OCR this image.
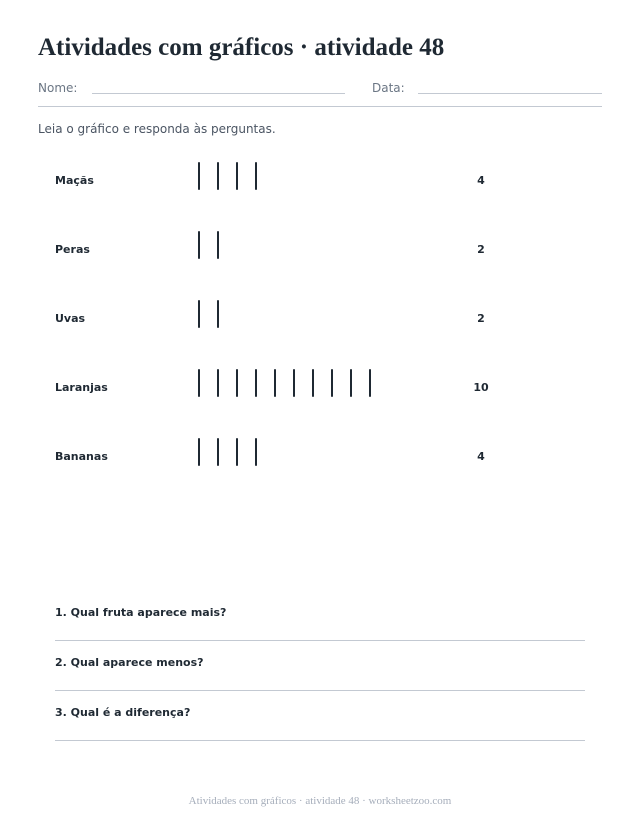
Atividades com gráficos · atividade 48
Nome:	Data:
Leia o gráfico e responda às perguntas.
Maçãs	4
Peras	2
Uvas	2
Laranjas	10
Bananas	4
1. Qual fruta aparece mais?
2. Qual aparece menos?
3. Qual é a diferença?
Atividades com gráficos · atividade 48 · worksheetzoo.com
